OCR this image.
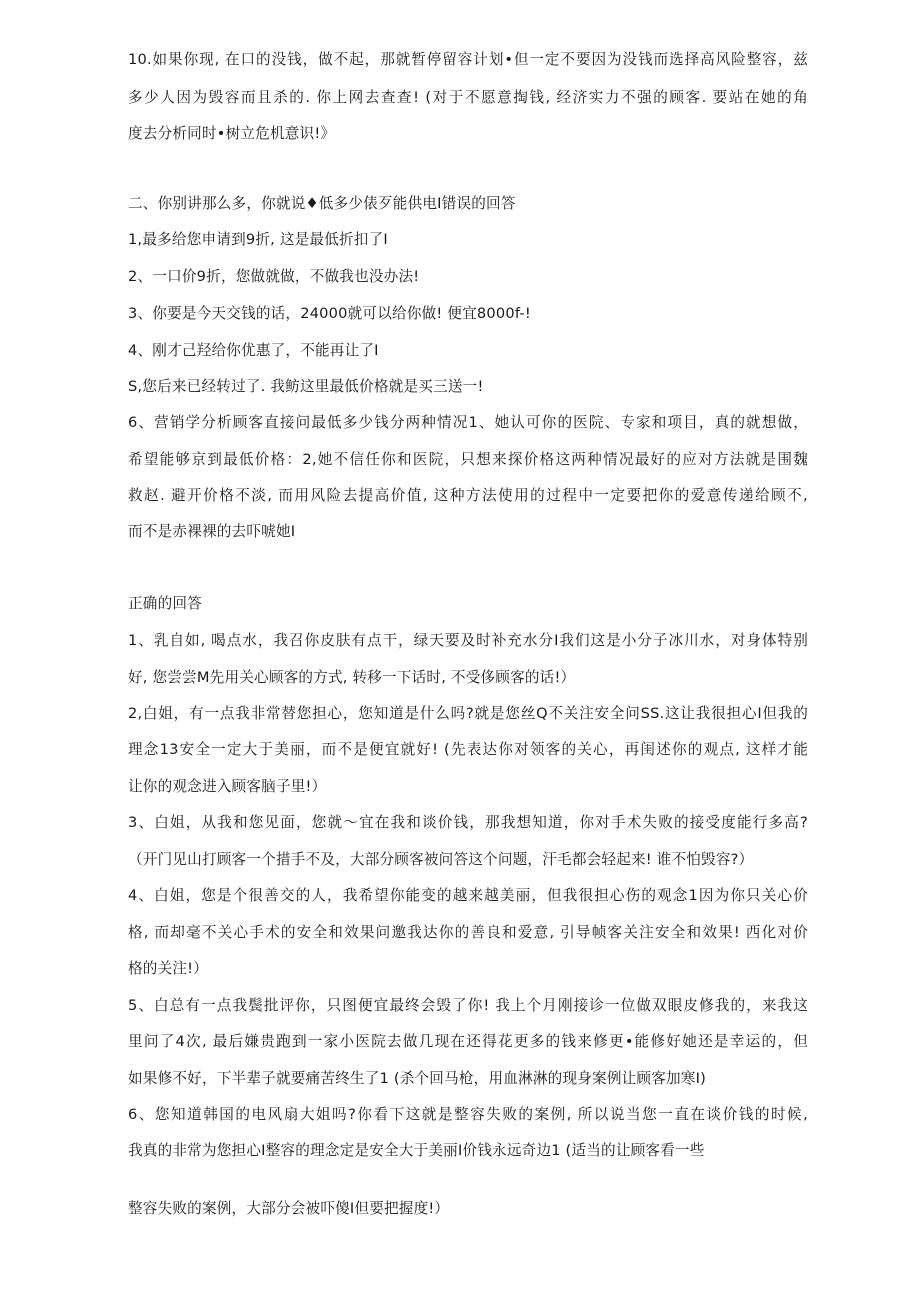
10.如果你现, 在口的没钱，做不起，那就暂停留容计划•但一定不要因为没钱而选择高风险整容，兹
多少人因为毁容而且杀的. 你上网去查查! (对于不愿意掏钱, 经济实力不强的顾客. 要站在她的角
度去分析同时•树立危机意识!》
二、你别讲那么多，你就说♦低多少俵歹能供电I错误的回答
1,最多给您申请到9折, 这是最低折扣了I
2、一口价9折，您做就做，不做我也没办法!
3、你要是今天交钱的话，24000就可以给你做! 便宜8000f-!
4、刚才己羟给你优惠了，不能再让了I
S,您后来已经转过了. 我鲂这里最低价格就是买三送一!
6、营销学分析顾客直接问最低多少钱分两种情况1、她认可你的医院、专家和项目，真的就想做，
希望能够京到最低价格：2,她不信任你和医院，只想来探价格这两种情况最好的应对方法就是围魏
救赵. 避开价格不淡, 而用风险去提高价值, 这种方法使用的过程中一定要把你的爱意传递给顾不,
而不是赤裸裸的去吓唬她I
正确的回答
1、乳自如, 喝点水，我召你皮肤有点干，绿天要及时补充水分I我们这是小分子冰川水，对身体特别
好, 您尝尝M先用关心顾客的方式, 转移一下话时, 不受侈顾客的话!）
2,白姐，有一点我非常替您担心，您知道是什么吗?就是您丝Q不关注安全问SS.这让我很担心I但我的
理念13安全一定大于美丽，而不是便宜就好! (先表达你对领客的关心，再闺述你的观点, 这样才能
让你的观念进入顾客脑子里!）
3、白姐，从我和您见面，您就～宜在我和谈价钱，那我想知道，你对手术失败的接受度能行多高?
（开门见山打顾客一个措手不及，大部分顾客被问答这个问题，汗毛都会轻起来! 谁不怕毁容?）
4、白姐，您是个很善交的人，我希望你能变的越来越美丽，但我很担心伤的观念1因为你只关心价
格, 而却毫不关心手术的安全和效果问邀我达你的善良和爱意, 引导帧客关注安全和效果! 西化对价
格的关注!）
5、白总有一点我鬓批评你，只图便宜最终会毁了你! 我上个月刚接诊一位做双眼皮修我的，来我这
里问了4次, 最后嫌贵跑到一家小医院去做几现在还得花更多的钱来修更•能修好她还是幸运的，但
如果修不好，下半辈子就要痛苦终生了1 (杀个回马枪，用血淋淋的现身案例让顾客加寒I)
6、您知道韩国的电风扇大姐吗?你看下这就是整容失败的案例, 所以说当您一直在谈价钱的时候,
我真的非常为您担心I整容的理念定是安全大于美丽I价钱永远奇边1 (适当的让顾客看一些
整容失败的案例，大部分会被吓傻I但要把握度!）
